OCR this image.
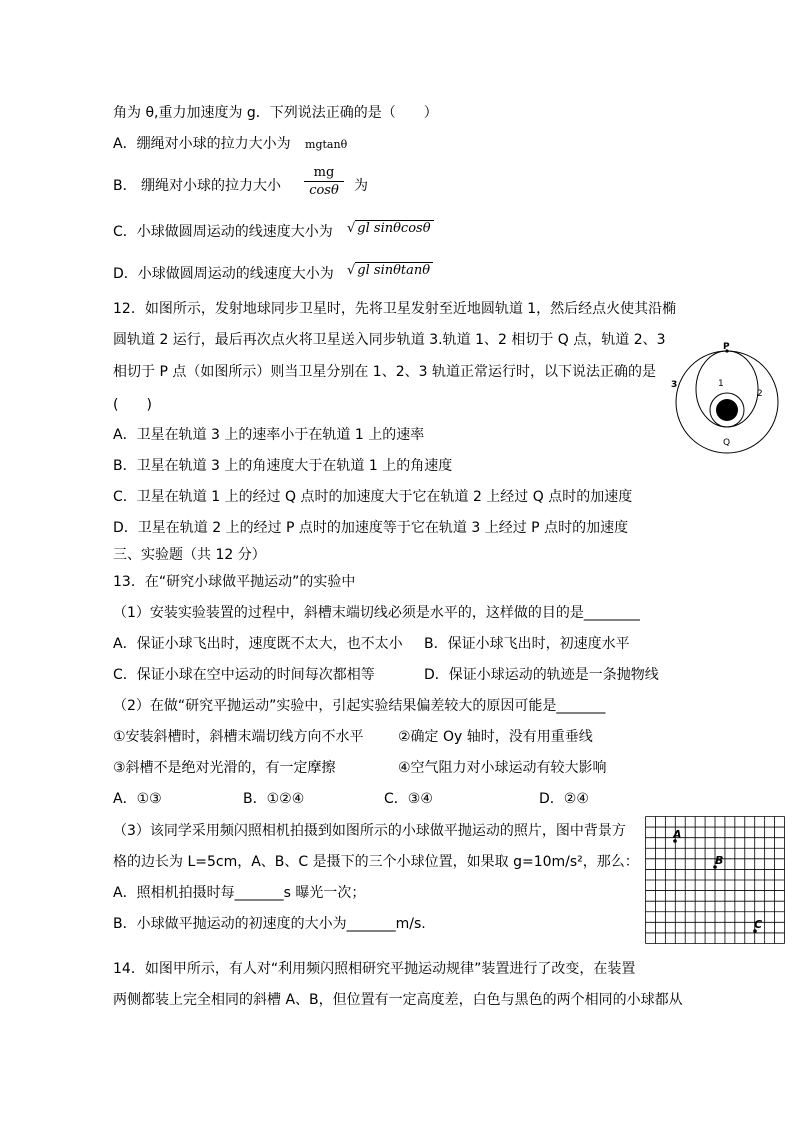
角为 θ,重力加速度为 g．下列说法正确的是（　　）
A．绷绳对小球的拉力大小为 mgtanθ
B． 绷绳对小球的拉力大小
mg
cosθ	为
C．小球做圆周运动的线速度大小为 √ gl sinθcosθ
D．小球做圆周运动的线速度大小为 √ gl sinθtanθ
12．如图所示，发射地球同步卫星时，先将卫星发射至近地圆轨道 1，然后经点火使其沿椭
圆轨道 2 运行，最后再次点火将卫星送入同步轨道 3.轨道 1、2 相切于 Q 点，轨道 2、3
相切于 P 点（如图所示）则当卫星分别在 1、2、3 轨道正常运行时，以下说法正确的是
(　　)
A．卫星在轨道 3 上的速率小于在轨道 1 上的速率
B．卫星在轨道 3 上的角速度大于在轨道 1 上的角速度
C．卫星在轨道 1 上的经过 Q 点时的加速度大于它在轨道 2 上经过 Q 点时的加速度
D．卫星在轨道 2 上的经过 P 点时的加速度等于它在轨道 3 上经过 P 点时的加速度
P
Q
1
2
3
三、实验题（共 12 分）
13．在“研究小球做平抛运动”的实验中
（1）安装实验装置的过程中，斜槽末端切线必须是水平的，这样做的目的是________
A．保证小球飞出时，速度既不太大，也不太小 B．保证小球飞出时，初速度水平
C．保证小球在空中运动的时间每次都相等	D．保证小球运动的轨迹是一条抛物线
（2）在做“研究平抛运动”实验中，引起实验结果偏差较大的原因可能是_______
①安装斜槽时，斜槽末端切线方向不水平 ②确定 Oy 轴时，没有用重垂线
③斜槽不是绝对光滑的，有一定摩擦	④空气阻力对小球运动有较大影响
A．①③	B．①②④	C．③④	D．②④
（3）该同学采用频闪照相机拍摄到如图所示的小球做平抛运动的照片，图中背景方
格的边长为 L=5cm，A、B、C 是摄下的三个小球位置，如果取 g=10m/s²，那么：
A．照相机拍摄时每_______s 曝光一次；
B．小球做平抛运动的初速度的大小为_______m/s.
A
B
C
14．如图甲所示，有人对“利用频闪照相研究平抛运动规律”装置进行了改变，在装置
两侧都装上完全相同的斜槽 A、B，但位置有一定高度差，白色与黑色的两个相同的小球都从
